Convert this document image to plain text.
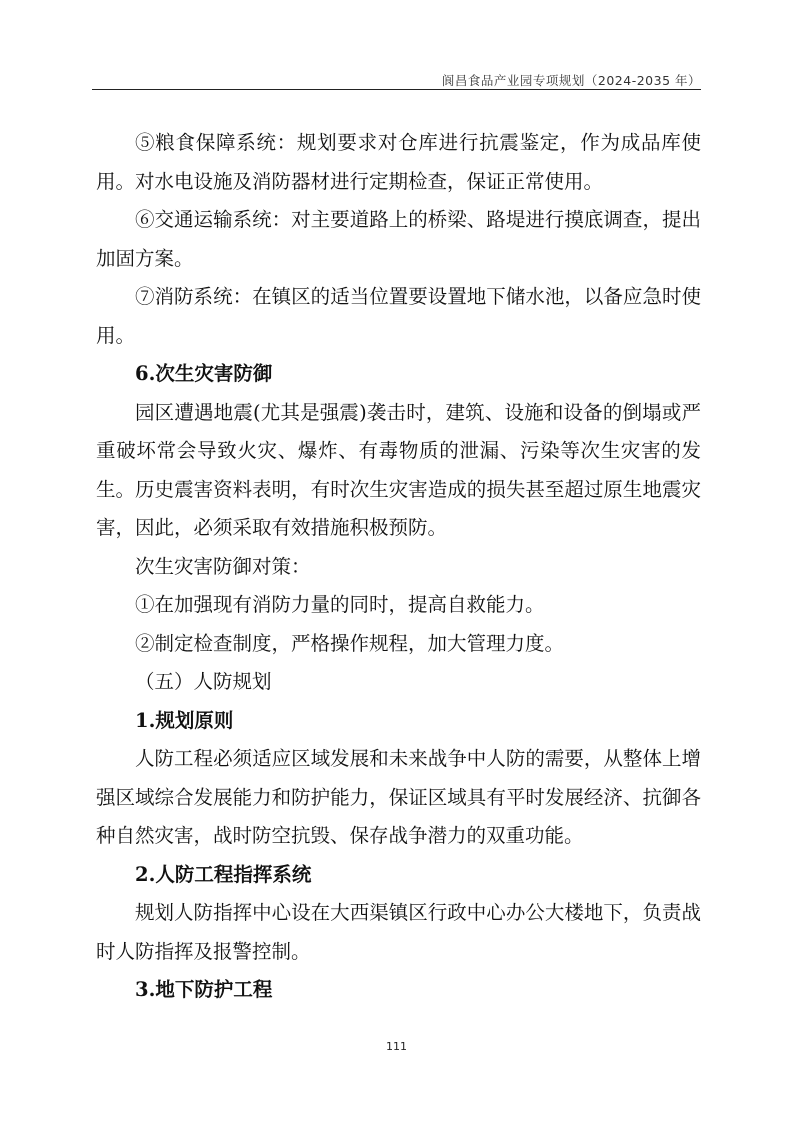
阆昌食品产业园专项规划（2024-2035 年）

⑤粮食保障系统：规划要求对仓库进行抗震鉴定，作为成品库使用。对水电设施及消防器材进行定期检查，保证正常使用。

⑥交通运输系统：对主要道路上的桥梁、路堤进行摸底调查，提出加固方案。

⑦消防系统：在镇区的适当位置要设置地下储水池，以备应急时使用。

6.次生灾害防御

园区遭遇地震(尤其是强震)袭击时，建筑、设施和设备的倒塌或严重破坏常会导致火灾、爆炸、有毒物质的泄漏、污染等次生灾害的发生。历史震害资料表明，有时次生灾害造成的损失甚至超过原生地震灾害，因此，必须采取有效措施积极预防。

次生灾害防御对策：

①在加强现有消防力量的同时，提高自救能力。

②制定检查制度，严格操作规程，加大管理力度。

（五）人防规划

1.规划原则

人防工程必须适应区域发展和未来战争中人防的需要，从整体上增强区域综合发展能力和防护能力，保证区域具有平时发展经济、抗御各种自然灾害，战时防空抗毁、保存战争潜力的双重功能。

2.人防工程指挥系统

规划人防指挥中心设在大西渠镇区行政中心办公大楼地下，负责战时人防指挥及报警控制。

3.地下防护工程

111
